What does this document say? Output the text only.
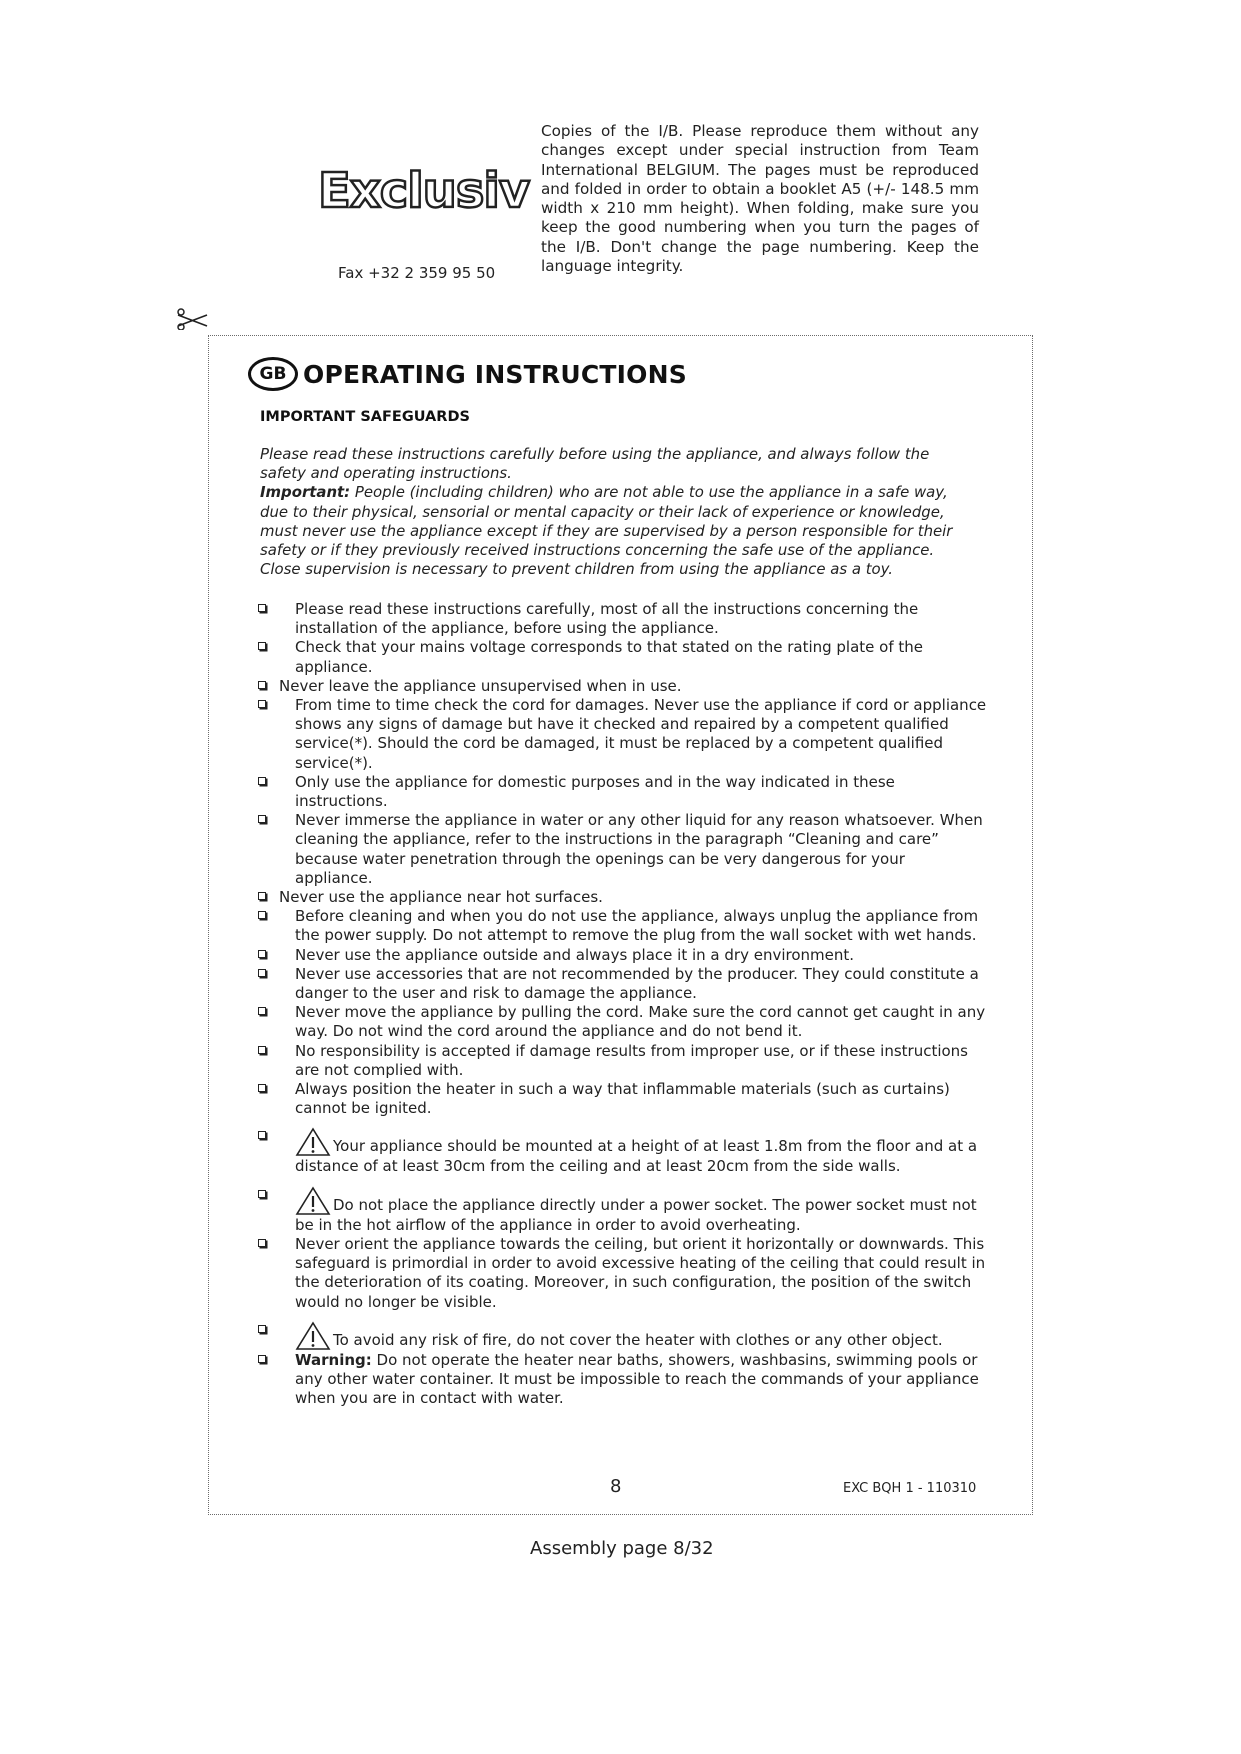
Exclusiv
Fax +32 2 359 95 50
Copies of the I/B. Please reproduce them without any changes except under special instruction from Team International BELGIUM. The pages must be reproduced and folded in order to obtain a booklet A5 (+/- 148.5 mm width x 210 mm height). When folding, make sure you keep the good numbering when you turn the pages of the I/B. Don't change the page numbering. Keep the language integrity.
GB OPERATING INSTRUCTIONS
IMPORTANT SAFEGUARDS
Please read these instructions carefully before using the appliance, and always follow the safety and operating instructions.
Important: People (including children) who are not able to use the appliance in a safe way, due to their physical, sensorial or mental capacity or their lack of experience or knowledge, must never use the appliance except if they are supervised by a person responsible for their safety or if they previously received instructions concerning the safe use of the appliance. Close supervision is necessary to prevent children from using the appliance as a toy.
Please read these instructions carefully, most of all the instructions concerning the installation of the appliance, before using the appliance.
Check that your mains voltage corresponds to that stated on the rating plate of the appliance.
Never leave the appliance unsupervised when in use.
From time to time check the cord for damages. Never use the appliance if cord or appliance shows any signs of damage but have it checked and repaired by a competent qualified service(*). Should the cord be damaged, it must be replaced by a competent qualified service(*).
Only use the appliance for domestic purposes and in the way indicated in these instructions.
Never immerse the appliance in water or any other liquid for any reason whatsoever. When cleaning the appliance, refer to the instructions in the paragraph “Cleaning and care” because water penetration through the openings can be very dangerous for your appliance.
Never use the appliance near hot surfaces.
Before cleaning and when you do not use the appliance, always unplug the appliance from the power supply. Do not attempt to remove the plug from the wall socket with wet hands.
Never use the appliance outside and always place it in a dry environment.
Never use accessories that are not recommended by the producer. They could constitute a danger to the user and risk to damage the appliance.
Never move the appliance by pulling the cord. Make sure the cord cannot get caught in any way. Do not wind the cord around the appliance and do not bend it.
No responsibility is accepted if damage results from improper use, or if these instructions are not complied with.
Always position the heater in such a way that inflammable materials (such as curtains) cannot be ignited.
Your appliance should be mounted at a height of at least 1.8m from the floor and at a distance of at least 30cm from the ceiling and at least 20cm from the side walls.
Do not place the appliance directly under a power socket. The power socket must not be in the hot airflow of the appliance in order to avoid overheating.
Never orient the appliance towards the ceiling, but orient it horizontally or downwards. This safeguard is primordial in order to avoid excessive heating of the ceiling that could result in the deterioration of its coating. Moreover, in such configuration, the position of the switch would no longer be visible.
To avoid any risk of fire, do not cover the heater with clothes or any other object.
Warning: Do not operate the heater near baths, showers, washbasins, swimming pools or any other water container. It must be impossible to reach the commands of your appliance when you are in contact with water.
8	EXC BQH 1 - 110310
Assembly page 8/32
